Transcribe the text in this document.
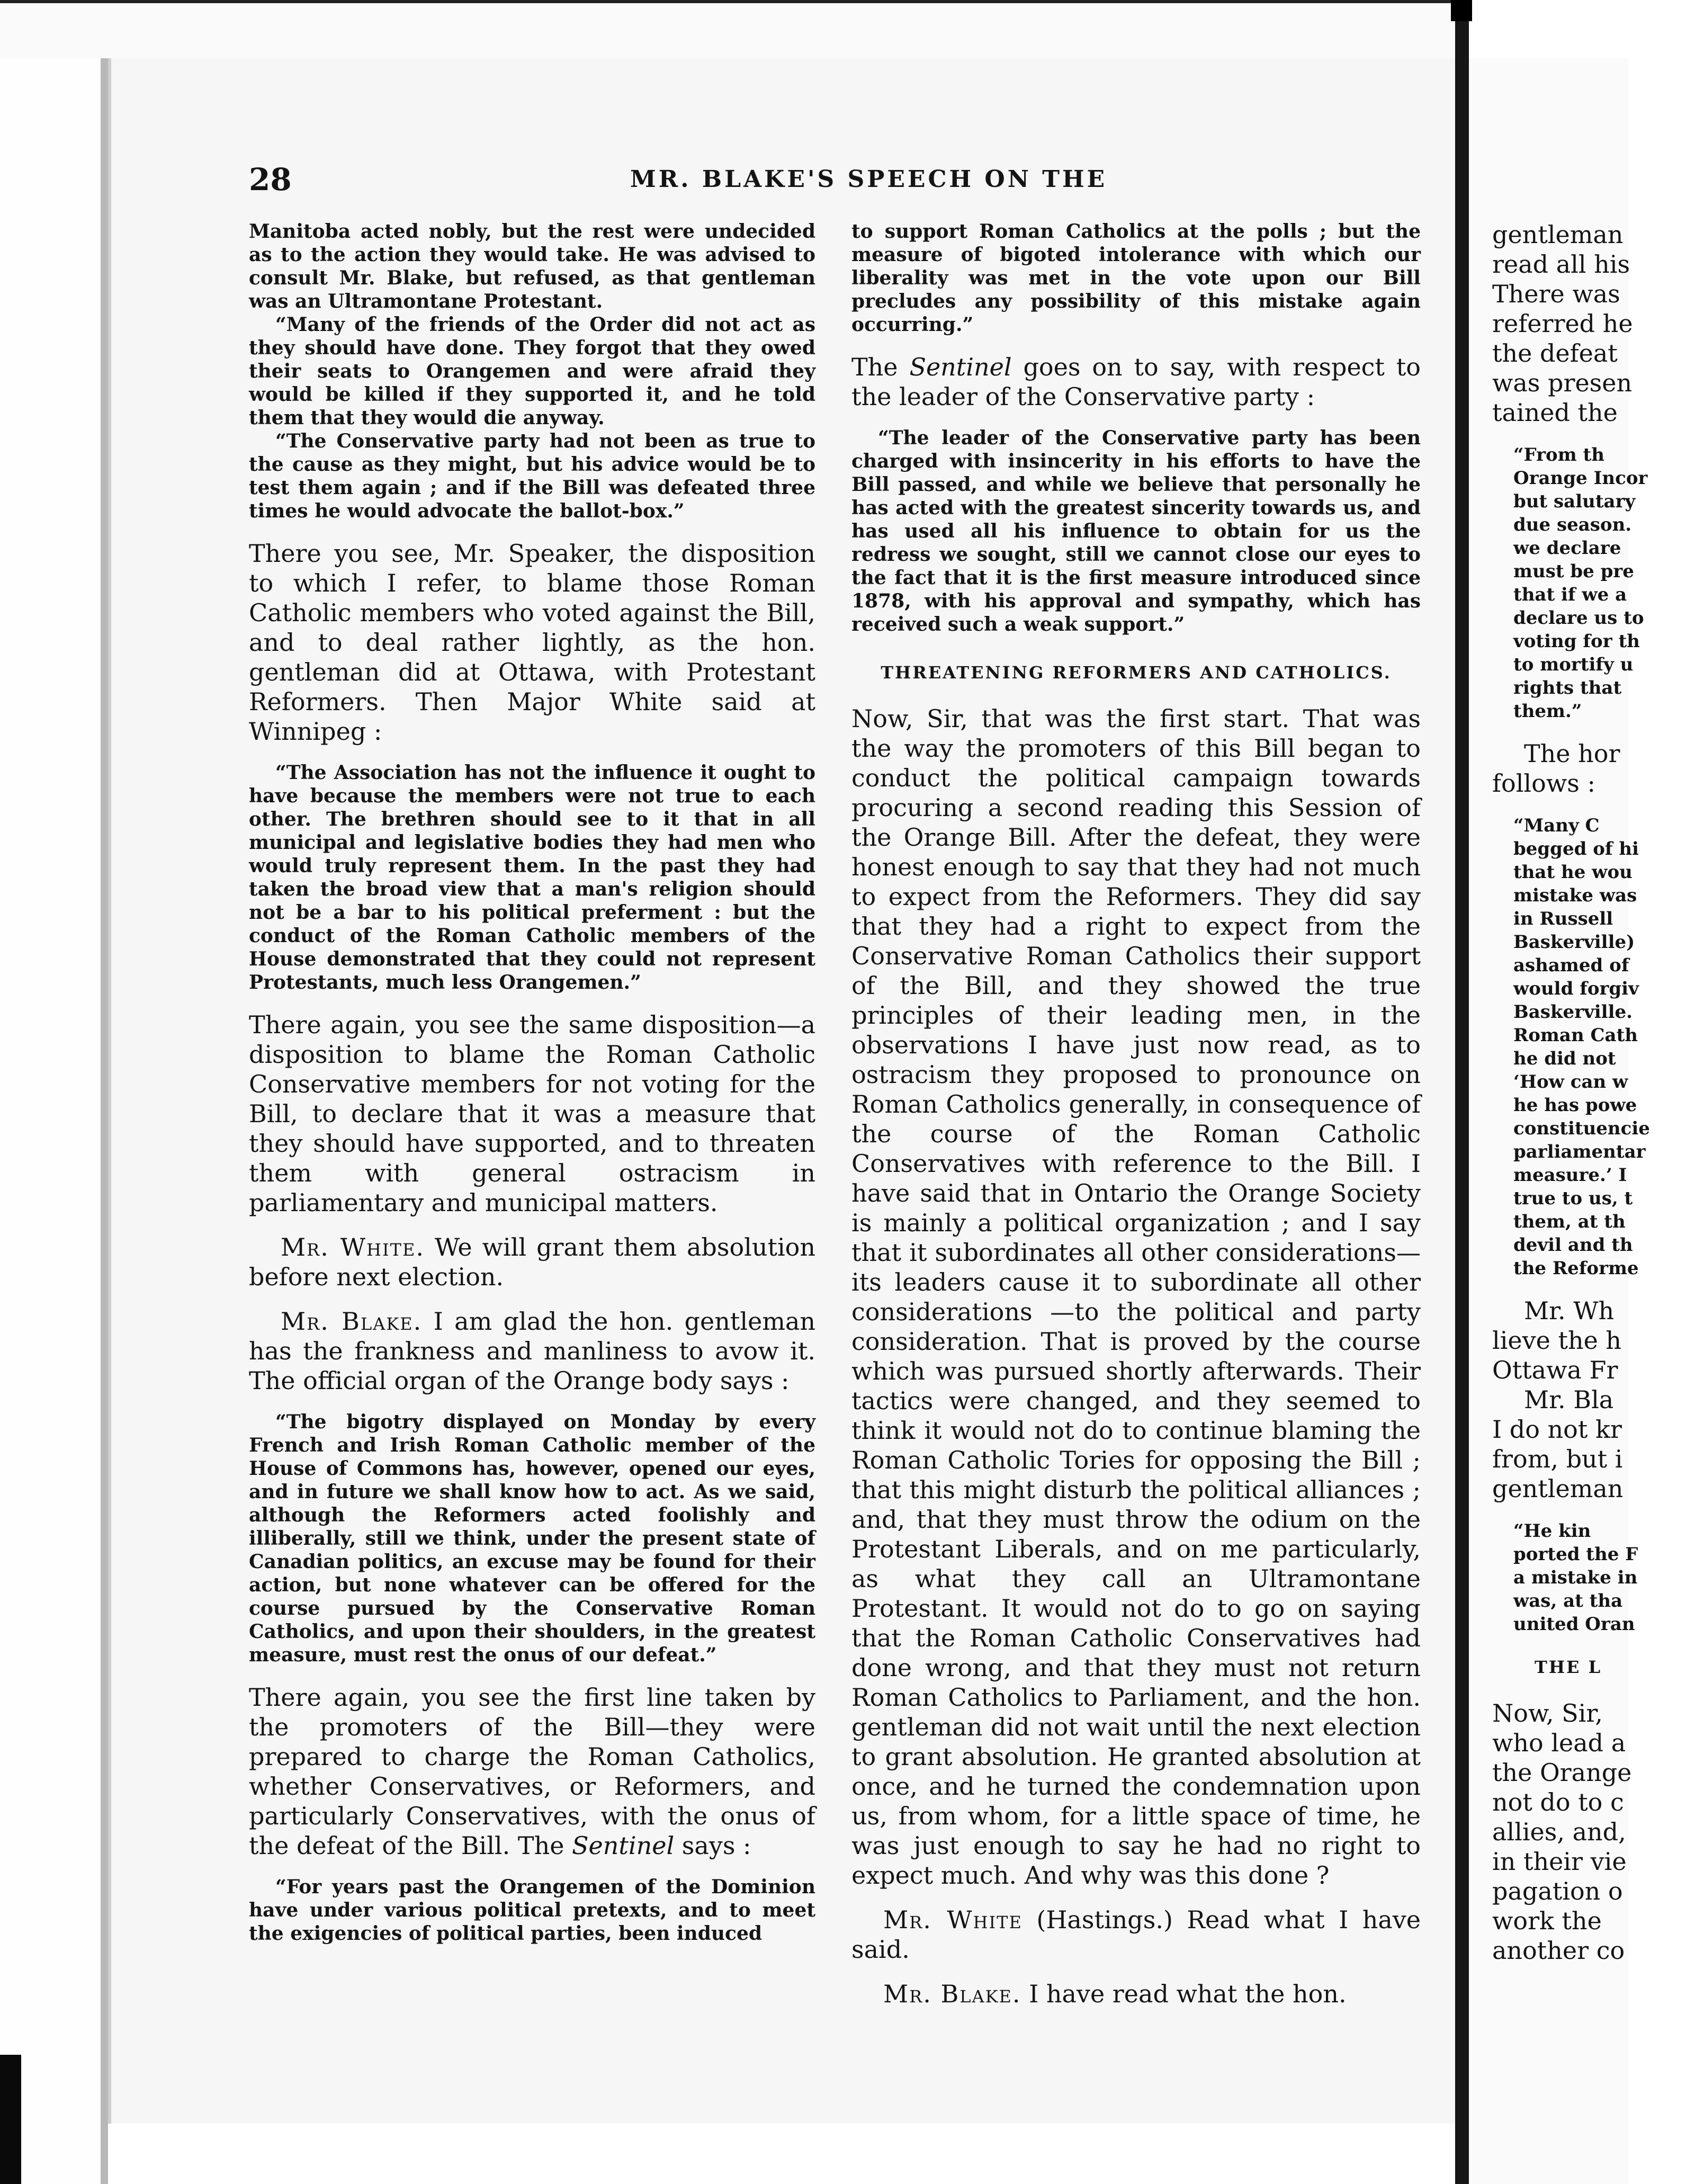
28	MR. BLAKE'S SPEECH ON THE

Manitoba acted nobly, but the rest were undecided as to the action they would take. He was advised to consult Mr. Blake, but refused, as that gentleman was an Ultramontane Protestant.

“Many of the friends of the Order did not act as they should have done. They forgot that they owed their seats to Orangemen and were afraid they would be killed if they supported it, and he told them that they would die anyway.

“The Conservative party had not been as true to the cause as they might, but his advice would be to test them again ; and if the Bill was defeated three times he would advocate the ballot-box.”

There you see, Mr. Speaker, the disposition to which I refer, to blame those Roman Catholic members who voted against the Bill, and to deal rather lightly, as the hon. gentleman did at Ottawa, with Protestant Reformers. Then Major White said at Winnipeg :

“The Association has not the influence it ought to have because the members were not true to each other. The brethren should see to it that in all municipal and legislative bodies they had men who would truly represent them. In the past they had taken the broad view that a man's religion should not be a bar to his political preferment : but the conduct of the Roman Catholic members of the House demonstrated that they could not represent Protestants, much less Orangemen.”

There again, you see the same disposition—a disposition to blame the Roman Catholic Conservative members for not voting for the Bill, to declare that it was a measure that they should have supported, and to threaten them with general ostracism in parliamentary and municipal matters.

Mr. White. We will grant them absolution before next election.

Mr. Blake. I am glad the hon. gentleman has the frankness and manliness to avow it. The official organ of the Orange body says :

“The bigotry displayed on Monday by every French and Irish Roman Catholic member of the House of Commons has, however, opened our eyes, and in future we shall know how to act. As we said, although the Reformers acted foolishly and illiberally, still we think, under the present state of Canadian politics, an excuse may be found for their action, but none whatever can be offered for the course pursued by the Conservative Roman Catholics, and upon their shoulders, in the greatest measure, must rest the onus of our defeat.”

There again, you see the first line taken by the promoters of the Bill—they were prepared to charge the Roman Catholics, whether Conservatives, or Reformers, and particularly Conservatives, with the onus of the defeat of the Bill. The Sentinel says :

“For years past the Orangemen of the Dominion have under various political pretexts, and to meet the exigencies of political parties, been induced

to support Roman Catholics at the polls ; but the measure of bigoted intolerance with which our liberality was met in the vote upon our Bill precludes any possibility of this mistake again occurring.”

The Sentinel goes on to say, with respect to the leader of the Conservative party :

“The leader of the Conservative party has been charged with insincerity in his efforts to have the Bill passed, and while we believe that personally he has acted with the greatest sincerity towards us, and has used all his influence to obtain for us the redress we sought, still we cannot close our eyes to the fact that it is the first measure introduced since 1878, with his approval and sympathy, which has received such a weak support.”

THREATENING REFORMERS AND CATHOLICS.

Now, Sir, that was the first start. That was the way the promoters of this Bill began to conduct the political campaign towards procuring a second reading this Session of the Orange Bill. After the defeat, they were honest enough to say that they had not much to expect from the Reformers. They did say that they had a right to expect from the Conservative Roman Catholics their support of the Bill, and they showed the true principles of their leading men, in the observations I have just now read, as to ostracism they proposed to pronounce on Roman Catholics generally, in consequence of the course of the Roman Catholic Conservatives with reference to the Bill. I have said that in Ontario the Orange Society is mainly a political organization ; and I say that it subordinates all other considerations—its leaders cause it to subordinate all other considerations —to the political and party consideration. That is proved by the course which was pursued shortly afterwards. Their tactics were changed, and they seemed to think it would not do to continue blaming the Roman Catholic Tories for opposing the Bill ; that this might disturb the political alliances ; and, that they must throw the odium on the Protestant Liberals, and on me particularly, as what they call an Ultramontane Protestant. It would not do to go on saying that the Roman Catholic Conservatives had done wrong, and that they must not return Roman Catholics to Parliament, and the hon. gentleman did not wait until the next election to grant absolution. He granted absolution at once, and he turned the condemnation upon us, from whom, for a little space of time, he was just enough to say he had no right to expect much. And why was this done ?

Mr. White (Hastings.) Read what I have said.

Mr. Blake. I have read what the hon.

gentleman

read all his

There was

referred he

the defeat

was presen

tained the

“From th

Orange Incor

but salutary

due season.

we declare

must be pre

that if we a

declare us to

voting for th

to mortify u

rights that

them.”

The hor

follows :

“Many C

begged of hi

that he wou

mistake was

in Russell

Baskerville)

ashamed of

would forgiv

Baskerville.

Roman Cath

he did not

‘How can w

he has powe

constituencie

parliamentar

measure.’ I

true to us, t

them, at th

devil and th

the Reforme

Mr. Wh

lieve the h

Ottawa Fr

Mr. Bla

I do not kr

from, but i

gentleman

“He kin

ported the F

a mistake in

was, at tha

united Oran

THE L

Now, Sir,

who lead a

the Orange

not do to c

allies, and,

in their vie

pagation o

work the

another co
